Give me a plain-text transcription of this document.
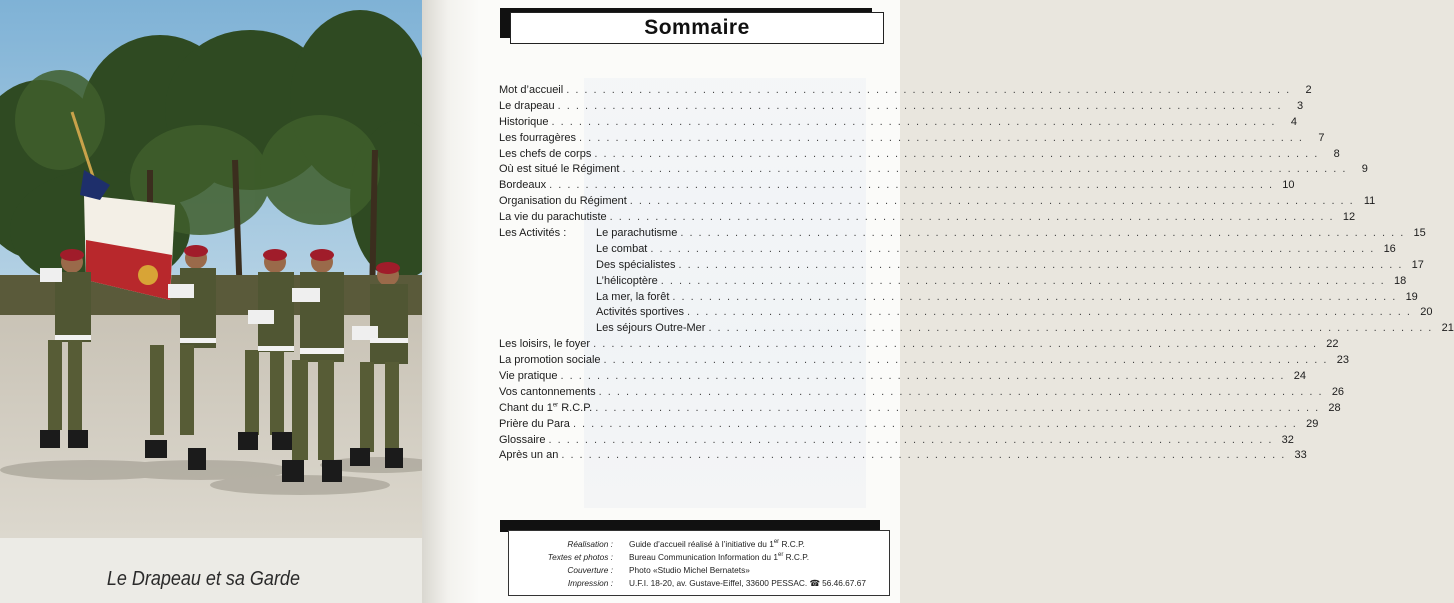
Le Drapeau et sa Garde
Sommaire
Mot d’accueil . . . . . . . . . . . . . . . . . . . . . . . . . . . . . . . . . . . . . . . . . . . . . . . . . . . . . . . . . . . . . . . . . . . . . . . . . . . . . . . .	2
Le drapeau . . . . . . . . . . . . . . . . . . . . . . . . . . . . . . . . . . . . . . . . . . . . . . . . . . . . . . . . . . . . . . . . . . . . . . . . . . . . . . . .	3
Historique . . . . . . . . . . . . . . . . . . . . . . . . . . . . . . . . . . . . . . . . . . . . . . . . . . . . . . . . . . . . . . . . . . . . . . . . . . . . . . . .	4
Les fourragères . . . . . . . . . . . . . . . . . . . . . . . . . . . . . . . . . . . . . . . . . . . . . . . . . . . . . . . . . . . . . . . . . . . . . . . . . . . . . . . .	7
Les chefs de corps . . . . . . . . . . . . . . . . . . . . . . . . . . . . . . . . . . . . . . . . . . . . . . . . . . . . . . . . . . . . . . . . . . . . . . . . . . . . . . . .	8
Où est situé le Régiment . . . . . . . . . . . . . . . . . . . . . . . . . . . . . . . . . . . . . . . . . . . . . . . . . . . . . . . . . . . . . . . . . . . . . . . . . . . . . . . .	9
Bordeaux . . . . . . . . . . . . . . . . . . . . . . . . . . . . . . . . . . . . . . . . . . . . . . . . . . . . . . . . . . . . . . . . . . . . . . . . . . . . . . . . 10
Organisation du Régiment . . . . . . . . . . . . . . . . . . . . . . . . . . . . . . . . . . . . . . . . . . . . . . . . . . . . . . . . . . . . . . . . . . . . . . . . . . . . . . . . 11
La vie du parachutiste . . . . . . . . . . . . . . . . . . . . . . . . . . . . . . . . . . . . . . . . . . . . . . . . . . . . . . . . . . . . . . . . . . . . . . . . . . . . . . . . 12
Les Activités :	Le parachutisme . . . . . . . . . . . . . . . . . . . . . . . . . . . . . . . . . . . . . . . . . . . . . . . . . . . . . . . . . . . . . . . . . . . . . . . . . . . . . . . . 15
Le combat . . . . . . . . . . . . . . . . . . . . . . . . . . . . . . . . . . . . . . . . . . . . . . . . . . . . . . . . . . . . . . . . . . . . . . . . . . . . . . . . 16
Des spécialistes . . . . . . . . . . . . . . . . . . . . . . . . . . . . . . . . . . . . . . . . . . . . . . . . . . . . . . . . . . . . . . . . . . . . . . . . . . . . . . . . 17
L’hélicoptère . . . . . . . . . . . . . . . . . . . . . . . . . . . . . . . . . . . . . . . . . . . . . . . . . . . . . . . . . . . . . . . . . . . . . . . . . . . . . . . . 18
La mer, la forêt . . . . . . . . . . . . . . . . . . . . . . . . . . . . . . . . . . . . . . . . . . . . . . . . . . . . . . . . . . . . . . . . . . . . . . . . . . . . . . . . 19
Activités sportives . . . . . . . . . . . . . . . . . . . . . . . . . . . . . . . . . . . . . . . . . . . . . . . . . . . . . . . . . . . . . . . . . . . . . . . . . . . . . . . . 20
Les séjours Outre-Mer . . . . . . . . . . . . . . . . . . . . . . . . . . . . . . . . . . . . . . . . . . . . . . . . . . . . . . . . . . . . . . . . . . . . . . . . . . . . . . . . 21
Les loisirs, le foyer . . . . . . . . . . . . . . . . . . . . . . . . . . . . . . . . . . . . . . . . . . . . . . . . . . . . . . . . . . . . . . . . . . . . . . . . . . . . . . . . 22
La promotion sociale . . . . . . . . . . . . . . . . . . . . . . . . . . . . . . . . . . . . . . . . . . . . . . . . . . . . . . . . . . . . . . . . . . . . . . . . . . . . . . . . 23
Vie pratique . . . . . . . . . . . . . . . . . . . . . . . . . . . . . . . . . . . . . . . . . . . . . . . . . . . . . . . . . . . . . . . . . . . . . . . . . . . . . . . . 24
Vos cantonnements . . . . . . . . . . . . . . . . . . . . . . . . . . . . . . . . . . . . . . . . . . . . . . . . . . . . . . . . . . . . . . . . . . . . . . . . . . . . . . . . 26
Chant du 1er R.C.P. . . . . . . . . . . . . . . . . . . . . . . . . . . . . . . . . . . . . . . . . . . . . . . . . . . . . . . . . . . . . . . . . . . . . . . . . . . . . . . . . 28
Prière du Para . . . . . . . . . . . . . . . . . . . . . . . . . . . . . . . . . . . . . . . . . . . . . . . . . . . . . . . . . . . . . . . . . . . . . . . . . . . . . . . . 29
Glossaire . . . . . . . . . . . . . . . . . . . . . . . . . . . . . . . . . . . . . . . . . . . . . . . . . . . . . . . . . . . . . . . . . . . . . . . . . . . . . . . . 32
Après un an . . . . . . . . . . . . . . . . . . . . . . . . . . . . . . . . . . . . . . . . . . . . . . . . . . . . . . . . . . . . . . . . . . . . . . . . . . . . . . . . 33
Réalisation : Guide d’accueil réalisé à l’initiative du 1er R.C.P.
Textes et photos : Bureau Communication Information du 1er R.C.P.
Couverture : Photo «Studio Michel Bernatets»
Impression : U.F.I. 18-20, av. Gustave-Eiffel, 33600 PESSAC. ☎ 56.46.67.67
